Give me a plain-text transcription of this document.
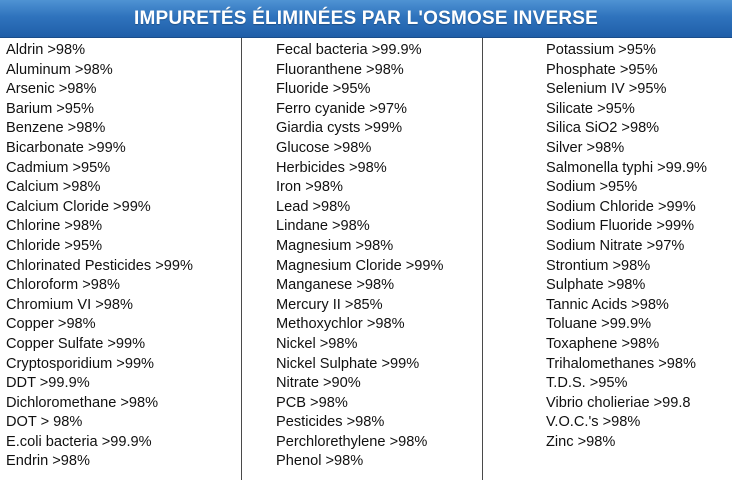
IMPURETÉS ÉLIMINÉES PAR L'OSMOSE INVERSE
Aldrin >98%
Aluminum >98%
Arsenic >98%
Barium >95%
Benzene >98%
Bicarbonate >99%
Cadmium >95%
Calcium >98%
Calcium Cloride >99%
Chlorine >98%
Chloride >95%
Chlorinated Pesticides >99%
Chloroform >98%
Chromium VI >98%
Copper >98%
Copper Sulfate >99%
Cryptosporidium >99%
DDT >99.9%
Dichloromethane >98%
DOT > 98%
E.coli bacteria >99.9%
Endrin >98%
Fecal bacteria >99.9%
Fluoranthene >98%
Fluoride >95%
Ferro cyanide >97%
Giardia cysts >99%
Glucose >98%
Herbicides >98%
Iron >98%
Lead >98%
Lindane >98%
Magnesium >98%
Magnesium Cloride >99%
Manganese >98%
Mercury II >85%
Methoxychlor >98%
Nickel >98%
Nickel Sulphate >99%
Nitrate >90%
PCB >98%
Pesticides >98%
Perchlorethylene >98%
Phenol >98%
Potassium >95%
Phosphate >95%
Selenium IV >95%
Silicate >95%
Silica SiO2 >98%
Silver >98%
Salmonella typhi >99.9%
Sodium >95%
Sodium Chloride >99%
Sodium Fluoride >99%
Sodium Nitrate >97%
Strontium >98%
Sulphate >98%
Tannic Acids >98%
Toluane >99.9%
Toxaphene >98%
Trihalomethanes >98%
T.D.S. >95%
Vibrio cholieriae >99.8
V.O.C.'s >98%
Zinc >98%
